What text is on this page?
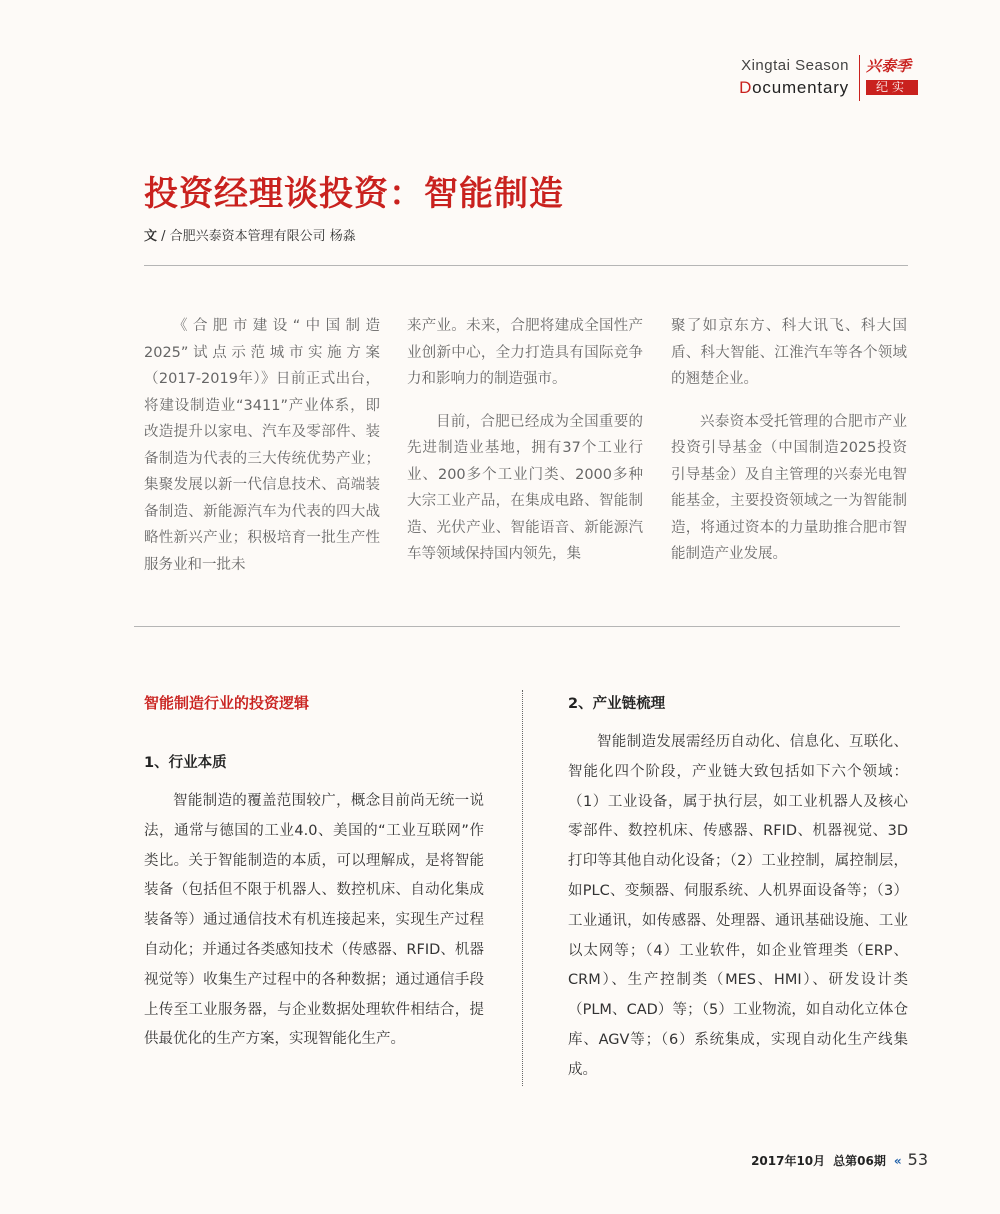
Xingtai Season
Documentary
兴泰季
纪实
投资经理谈投资：智能制造
文 / 合肥兴泰资本管理有限公司 杨淼

《合肥市建设“中国制造2025”试点示范城市实施方案（2017-2019年）》日前正式出台，将建设制造业“3411”产业体系，即改造提升以家电、汽车及零部件、装备制造为代表的三大传统优势产业；集聚发展以新一代信息技术、高端装备制造、新能源汽车为代表的四大战略性新兴产业；积极培育一批生产性服务业和一批未

来产业。未来，合肥将建成全国性产业创新中心，全力打造具有国际竞争力和影响力的制造强市。

目前，合肥已经成为全国重要的先进制造业基地，拥有37个工业行业、200多个工业门类、2000多种大宗工业产品，在集成电路、智能制造、光伏产业、智能语音、新能源汽车等领域保持国内领先，集

聚了如京东方、科大讯飞、科大国盾、科大智能、江淮汽车等各个领域的翘楚企业。

兴泰资本受托管理的合肥市产业投资引导基金（中国制造2025投资引导基金）及自主管理的兴泰光电智能基金，主要投资领域之一为智能制造，将通过资本的力量助推合肥市智能制造产业发展。

智能制造行业的投资逻辑
1、行业本质

智能制造的覆盖范围较广，概念目前尚无统一说法，通常与德国的工业4.0、美国的“工业互联网”作类比。关于智能制造的本质，可以理解成，是将智能装备（包括但不限于机器人、数控机床、自动化集成装备等）通过通信技术有机连接起来，实现生产过程自动化；并通过各类感知技术（传感器、RFID、机器视觉等）收集生产过程中的各种数据；通过通信手段上传至工业服务器，与企业数据处理软件相结合，提供最优化的生产方案，实现智能化生产。

2、产业链梳理

智能制造发展需经历自动化、信息化、互联化、智能化四个阶段，产业链大致包括如下六个领域：（1）工业设备，属于执行层，如工业机器人及核心零部件、数控机床、传感器、RFID、机器视觉、3D打印等其他自动化设备；（2）工业控制，属控制层，如PLC、变频器、伺服系统、人机界面设备等；（3）工业通讯，如传感器、处理器、通讯基础设施、工业以太网等；（4）工业软件，如企业管理类（ERP、CRM）、生产控制类（MES、HMI）、研发设计类（PLM、CAD）等；（5）工业物流，如自动化立体仓库、AGV等；（6）系统集成，实现自动化生产线集成。

2017年10月 总第06期 « 53
